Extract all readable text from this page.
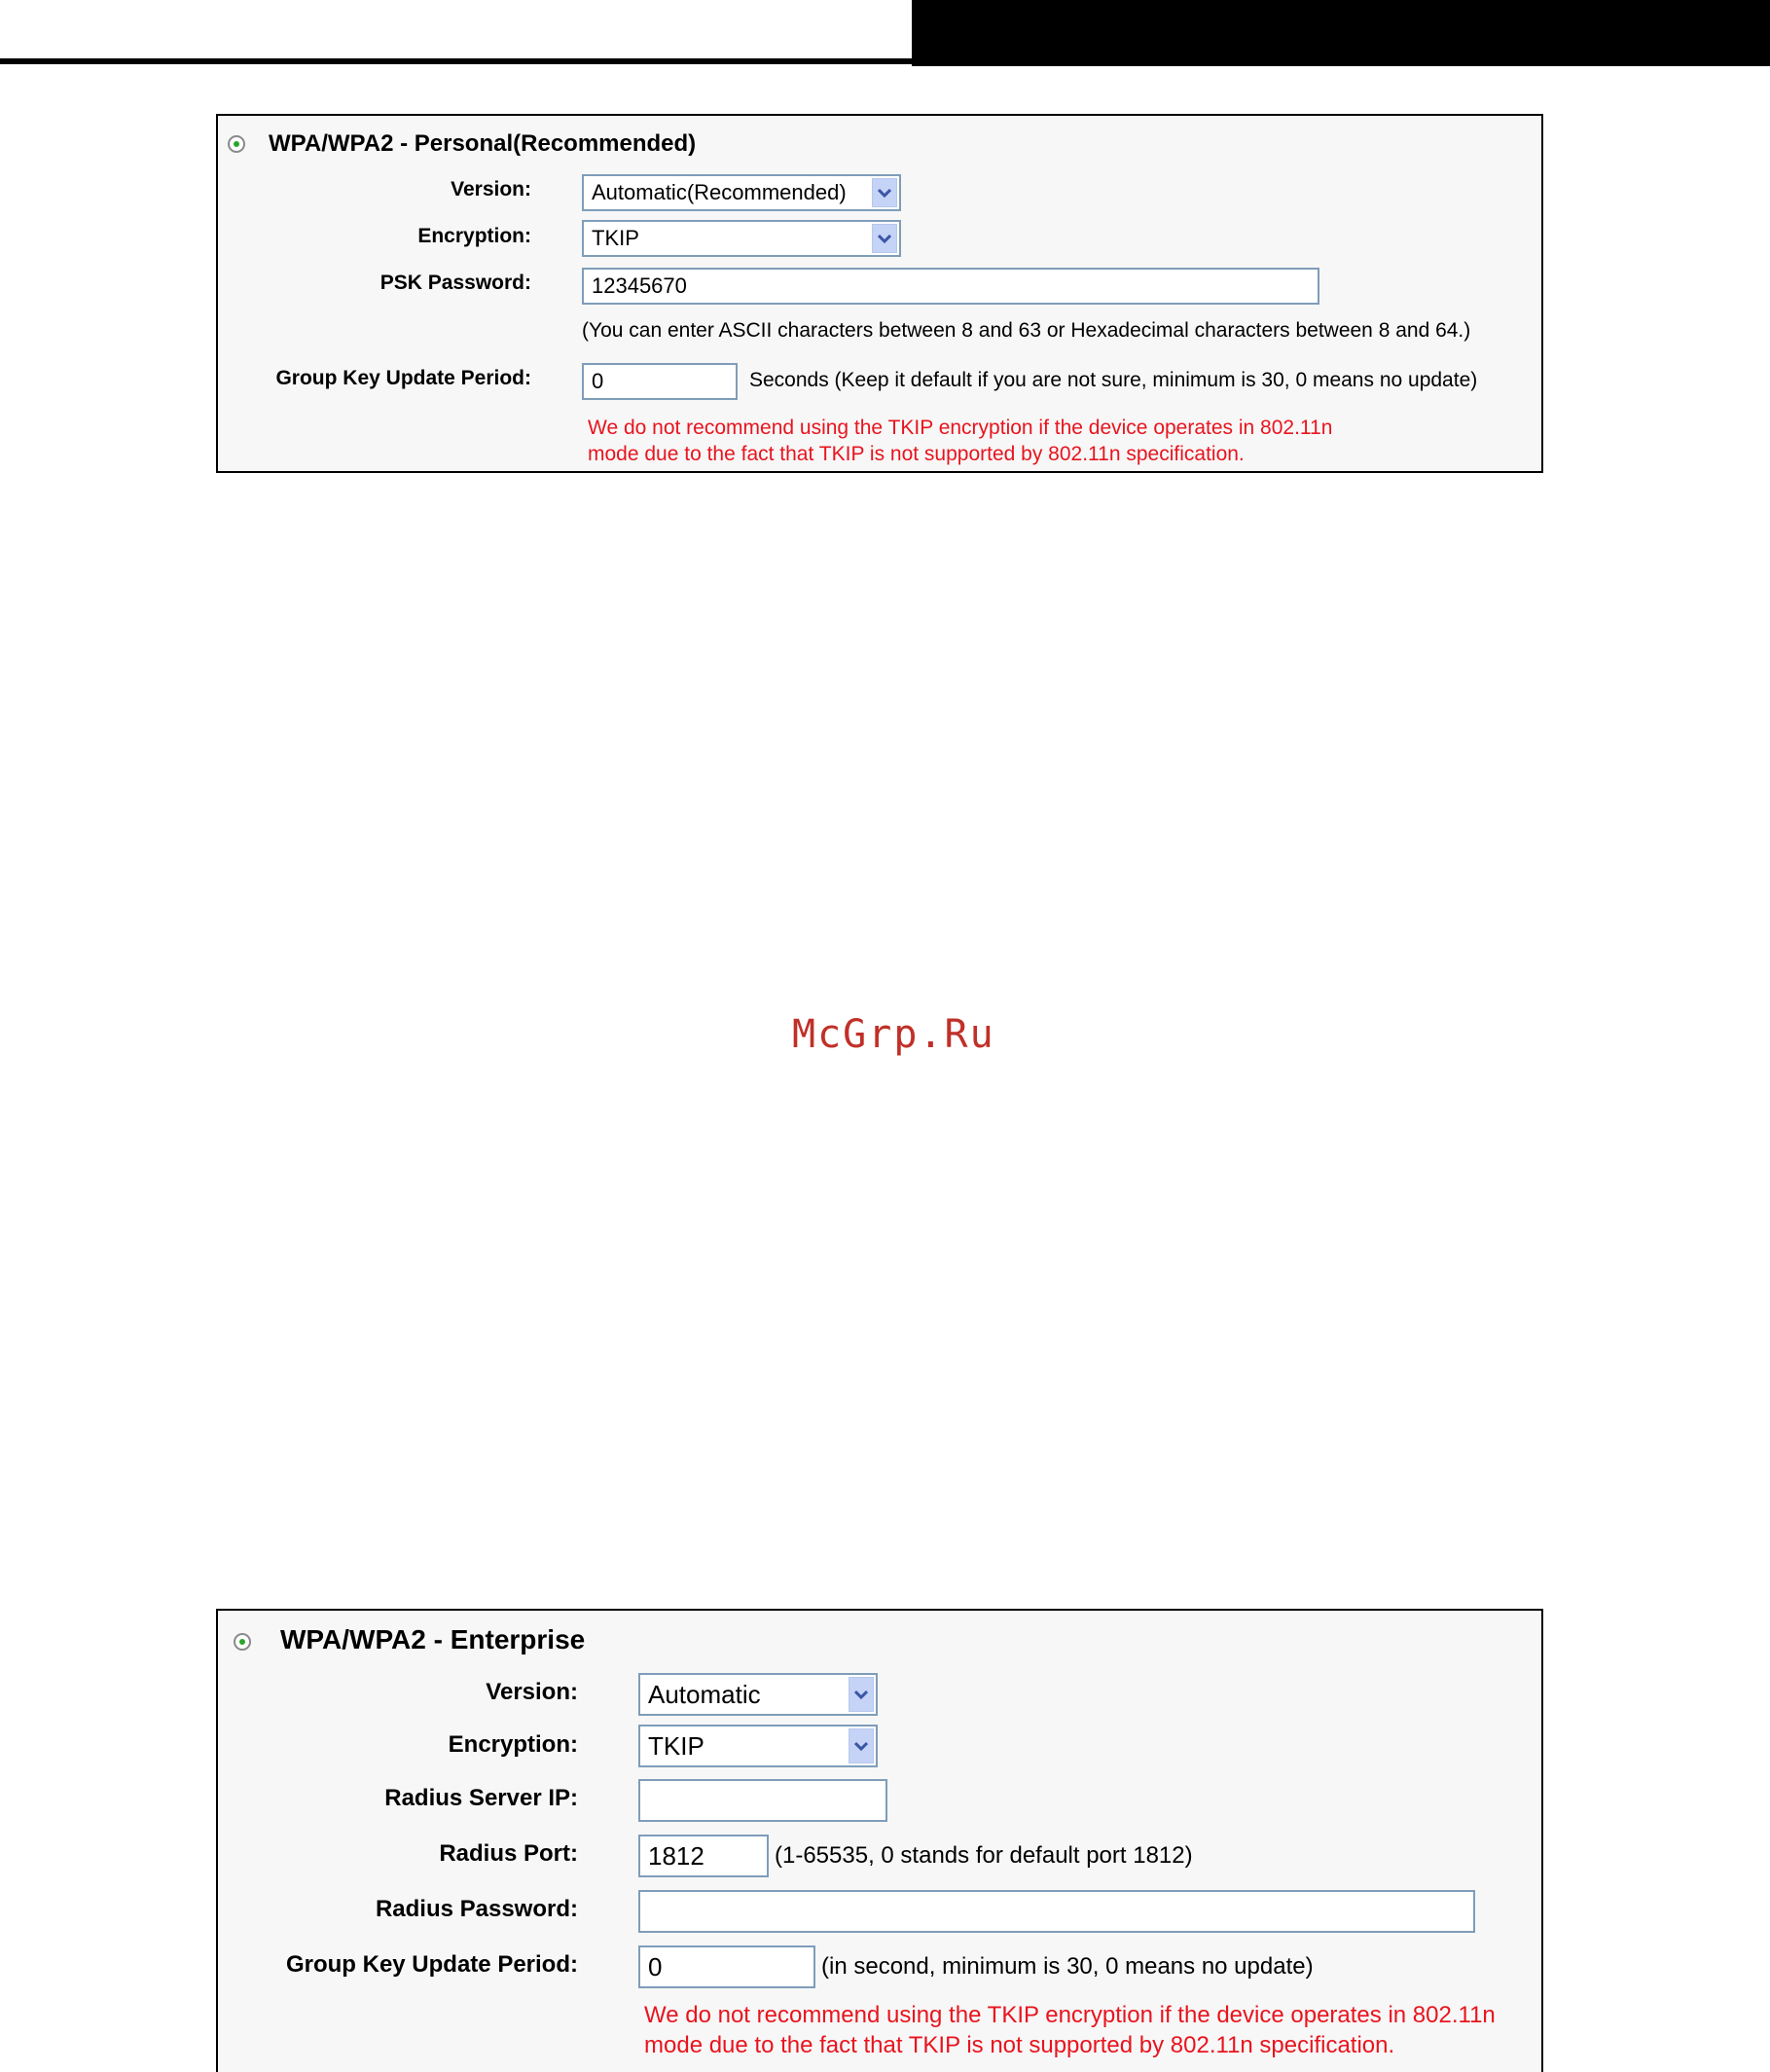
WPA/WPA2 - Personal(Recommended)
Version:	Automatic(Recommended)
Encryption:	TKIP
PSK Password:	12345670
(You can enter ASCII characters between 8 and 63 or Hexadecimal characters between 8 and 64.)
Group Key Update Period:	0	Seconds (Keep it default if you are not sure, minimum is 30, 0 means no update)
We do not recommend using the TKIP encryption if the device operates in 802.11n mode due to the fact that TKIP is not supported by 802.11n specification.
McGrp.Ru
WPA/WPA2 - Enterprise
Version:	Automatic
Encryption:	TKIP
Radius Server IP:
Radius Port:	1812	(1-65535, 0 stands for default port 1812)
Radius Password:
Group Key Update Period:	0	(in second, minimum is 30, 0 means no update)
We do not recommend using the TKIP encryption if the device operates in 802.11n mode due to the fact that TKIP is not supported by 802.11n specification.
